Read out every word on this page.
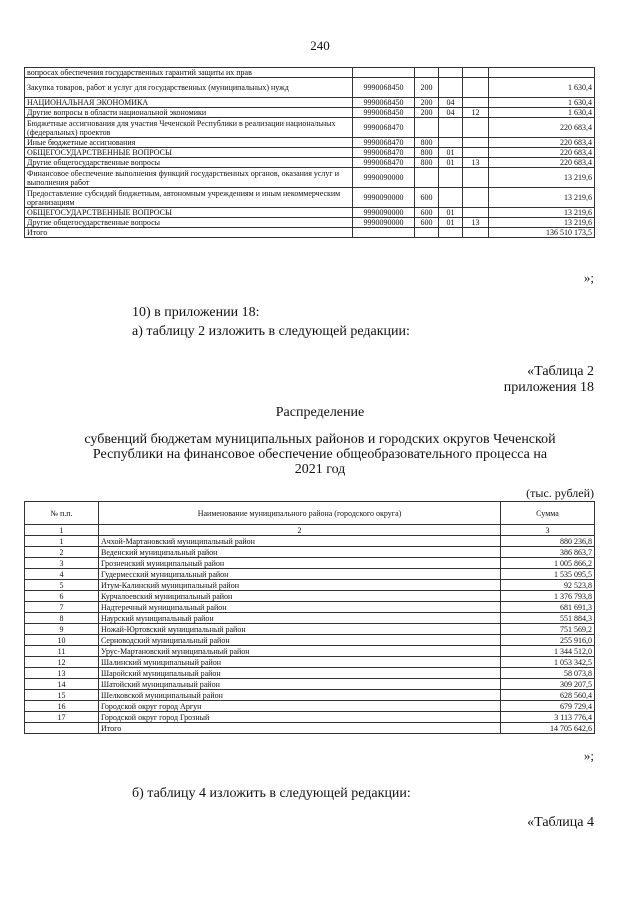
240
вопросах обеспечения государственных гарантий защиты их прав					
Закупка товаров, работ и услуг для государственных (муниципальных) нужд	9990068450	200			1 630,4
НАЦИОНАЛЬНАЯ ЭКОНОМИКА	9990068450	200	04		1 630,4
Другие вопросы в области национальной экономики	9990068450	200	04	12	1 630,4
Бюджетные ассигнования для участия Чеченской Республики в реализации национальных (федеральных) проектов	9990068470				220 683,4
Иные бюджетные ассигнования	9990068470	800			220 683,4
ОБЩЕГОСУДАРСТВЕННЫЕ ВОПРОСЫ	9990068470	800	01		220 683,4
Другие общегосударственные вопросы	9990068470	800	01	13	220 683,4
Финансовое обеспечение выполнения функций государственных органов, оказания услуг и выполнения работ	9990090000				13 219,6
Предоставление субсидий бюджетным, автономным учреждениям и иным некоммерческим организациям	9990090000	600			13 219,6
ОБЩЕГОСУДАРСТВЕННЫЕ ВОПРОСЫ	9990090000	600	01		13 219,6
Другие общегосударственные вопросы	9990090000	600	01	13	13 219,6
Итого					136 510 173,5
»;
10) в приложении 18:
а) таблицу 2 изложить в следующей редакции:
«Таблица 2
приложения 18
Распределение
субвенций бюджетам муниципальных районов и городских округов Чеченской Республики на финансовое обеспечение общеобразовательного процесса на 2021 год
(тыс. рублей)
№ п.п.	Наименование муниципального района (городского округа)	Сумма
1	2	3
1	Ачхой-Мартановский муниципальный район	880 236,8
2	Веденский муниципальный район	386 863,7
3	Грозненский муниципальный район	1 005 866,2
4	Гудермесский муниципальный район	1 535 095,5
5	Итум-Калинский муниципальный район	92 523,8
6	Курчалоевский муниципальный район	1 376 793,8
7	Надтеречный муниципальный район	681 691,3
8	Наурский муниципальный район	551 884,3
9	Ножай-Юртовский муниципальный район	751 569,2
10	Серноводский муниципальный район	255 916,0
11	Урус-Мартановский муниципальный район	1 344 512,0
12	Шалинский муниципальный район	1 053 342,5
13	Шаройский муниципальный район	58 073,8
14	Шатойский муниципальный район	309 207,5
15	Шелковской муниципальный район	628 560,4
16	Городской округ город Аргун	679 729,4
17	Городской округ город Грозный	3 113 776,4
	Итого	14 705 642,6
»;
б) таблицу 4 изложить в следующей редакции:
«Таблица 4
